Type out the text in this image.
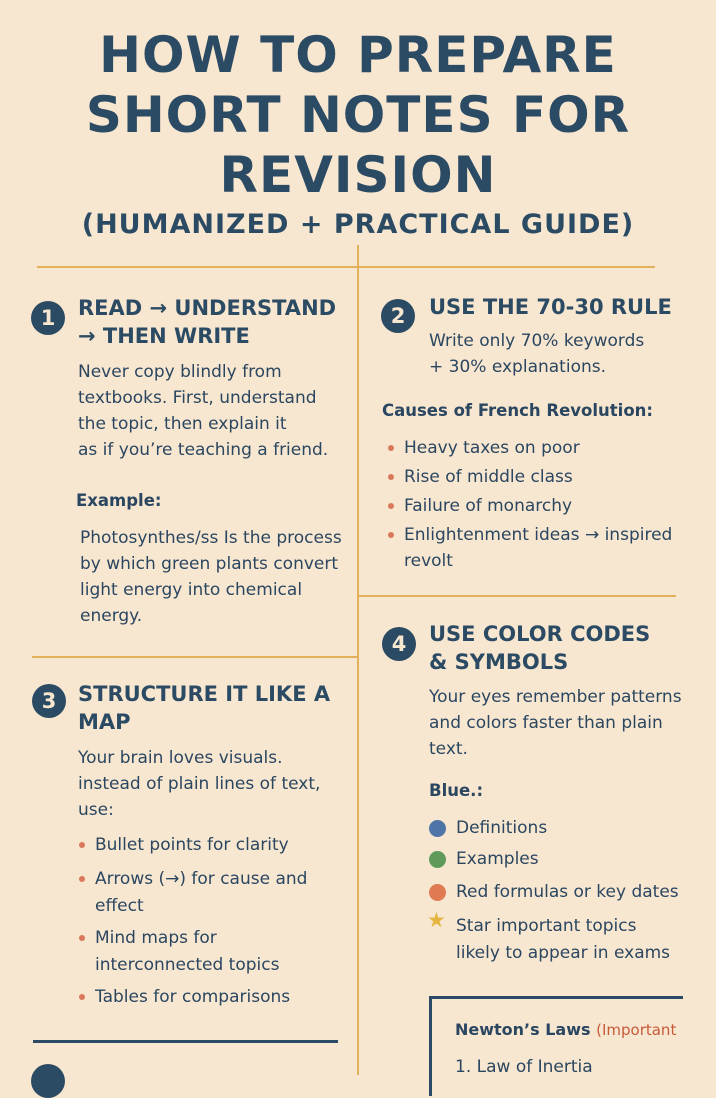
HOW TO PREPARE
SHORT NOTES FOR
REVISION
(HUMANIZED + PRACTICAL GUIDE)
1	READ → UNDERSTAND
→ THEN WRITE
Never copy blindly from
textbooks. First, understand
the topic, then explain it
as if you’re teaching a friend.
Example:
Photosynthes/ss Is the process
by which green plants convert
light energy into chemical
energy.
2	USE THE 70-30 RULE
Write only 70% keywords
+ 30% explanations.
Causes of French Revolution:
Heavy taxes on poor
Rise of middle class
Failure of monarchy
Enlightenment ideas → inspired
revolt
3	STRUCTURE IT LIKE A
MAP
Your brain loves visuals.
instead of plain lines of text,
use:
Bullet points for clarity
Arrows (→) for cause and
effect
Mind maps for
interconnected topics
Tables for comparisons
4	USE COLOR CODES
& SYMBOLS
Your eyes remember patterns
and colors faster than plain
text.
Blue.:
Definitions
Examples
Red formulas or key dates
★ Star important topics
likely to appear in exams
Newton’s Laws (Important
1. Law of Inertia
